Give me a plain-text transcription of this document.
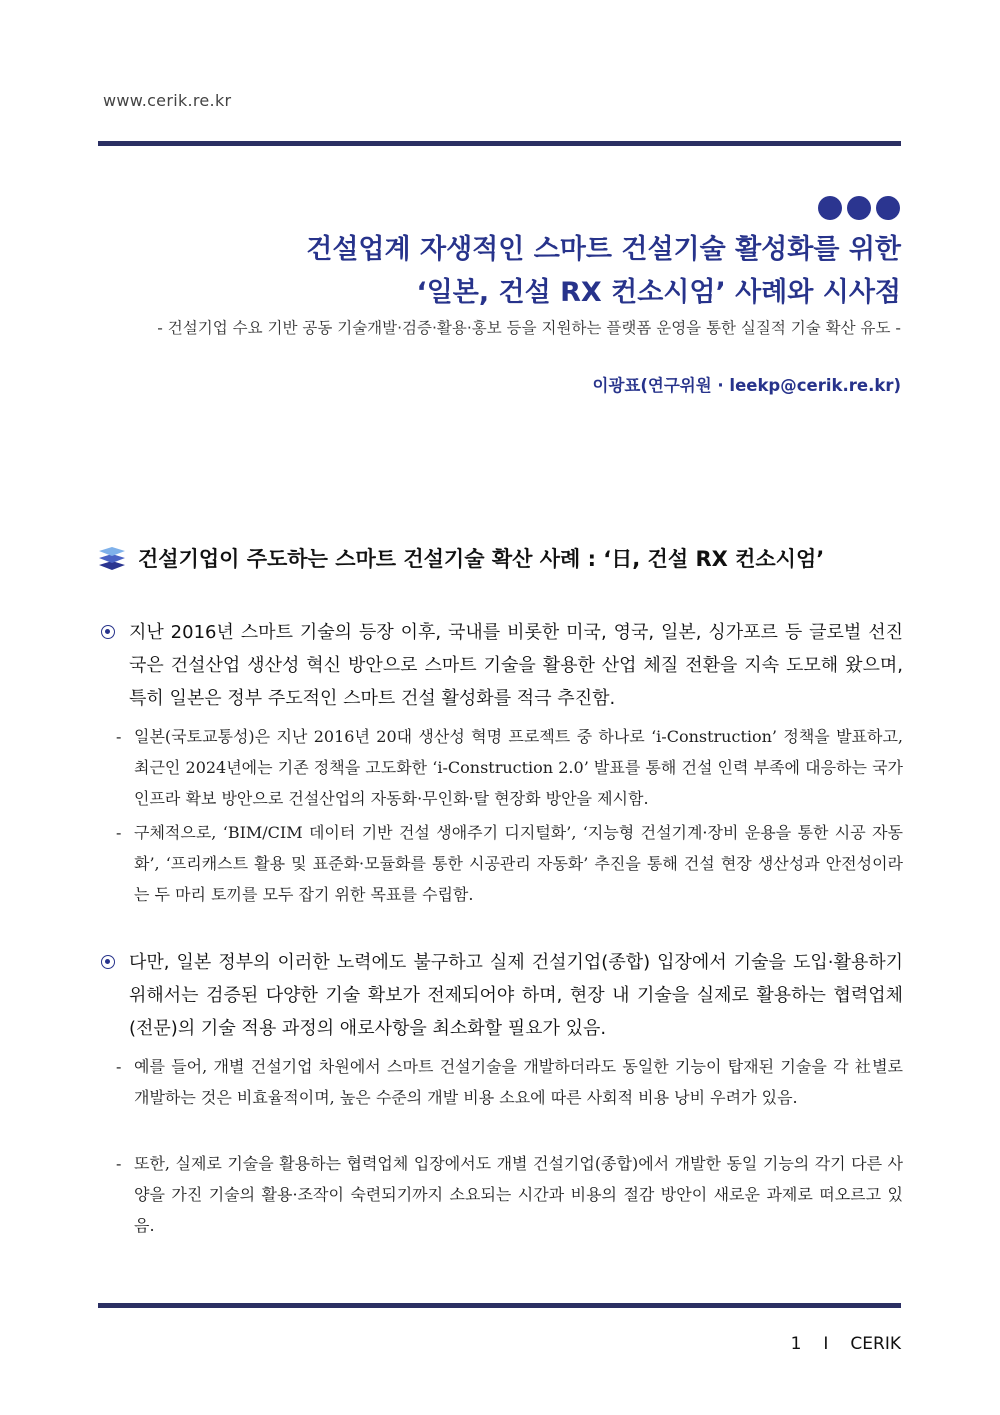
www.cerik.re.kr
건설업계 자생적인 스마트 건설기술 활성화를 위한
‘일본, 건설 RX 컨소시엄’ 사례와 시사점
- 건설기업 수요 기반 공동 기술개발·검증·활용·홍보 등을 지원하는 플랫폼 운영을 통한 실질적 기술 확산 유도 -
이광표(연구위원 · leekp@cerik.re.kr)
건설기업이 주도하는 스마트 건설기술 확산 사례 : ‘日, 건설 RX 컨소시엄’
지난 2016년 스마트 기술의 등장 이후, 국내를 비롯한 미국, 영국, 일본, 싱가포르 등 글로벌 선진국은 건설산업 생산성 혁신 방안으로 스마트 기술을 활용한 산업 체질 전환을 지속 도모해 왔으며, 특히 일본은 정부 주도적인 스마트 건설 활성화를 적극 추진함.
- 일본(국토교통성)은 지난 2016년 20대 생산성 혁명 프로젝트 중 하나로 ‘i-Construction’ 정책을 발표하고, 최근인 2024년에는 기존 정책을 고도화한 ‘i-Construction 2.0’ 발표를 통해 건설 인력 부족에 대응하는 국가 인프라 확보 방안으로 건설산업의 자동화·무인화·탈 현장화 방안을 제시함.
- 구체적으로, ‘BIM/CIM 데이터 기반 건설 생애주기 디지털화’, ‘지능형 건설기계·장비 운용을 통한 시공 자동화’, ‘프리캐스트 활용 및 표준화·모듈화를 통한 시공관리 자동화’ 추진을 통해 건설 현장 생산성과 안전성이라는 두 마리 토끼를 모두 잡기 위한 목표를 수립함.
다만, 일본 정부의 이러한 노력에도 불구하고 실제 건설기업(종합) 입장에서 기술을 도입·활용하기 위해서는 검증된 다양한 기술 확보가 전제되어야 하며, 현장 내 기술을 실제로 활용하는 협력업체(전문)의 기술 적용 과정의 애로사항을 최소화할 필요가 있음.
- 예를 들어, 개별 건설기업 차원에서 스마트 건설기술을 개발하더라도 동일한 기능이 탑재된 기술을 각 社별로 개발하는 것은 비효율적이며, 높은 수준의 개발 비용 소요에 따른 사회적 비용 낭비 우려가 있음.
- 또한, 실제로 기술을 활용하는 협력업체 입장에서도 개별 건설기업(종합)에서 개발한 동일 기능의 각기 다른 사양을 가진 기술의 활용·조작이 숙련되기까지 소요되는 시간과 비용의 절감 방안이 새로운 과제로 떠오르고 있음.
1 I CERIK
